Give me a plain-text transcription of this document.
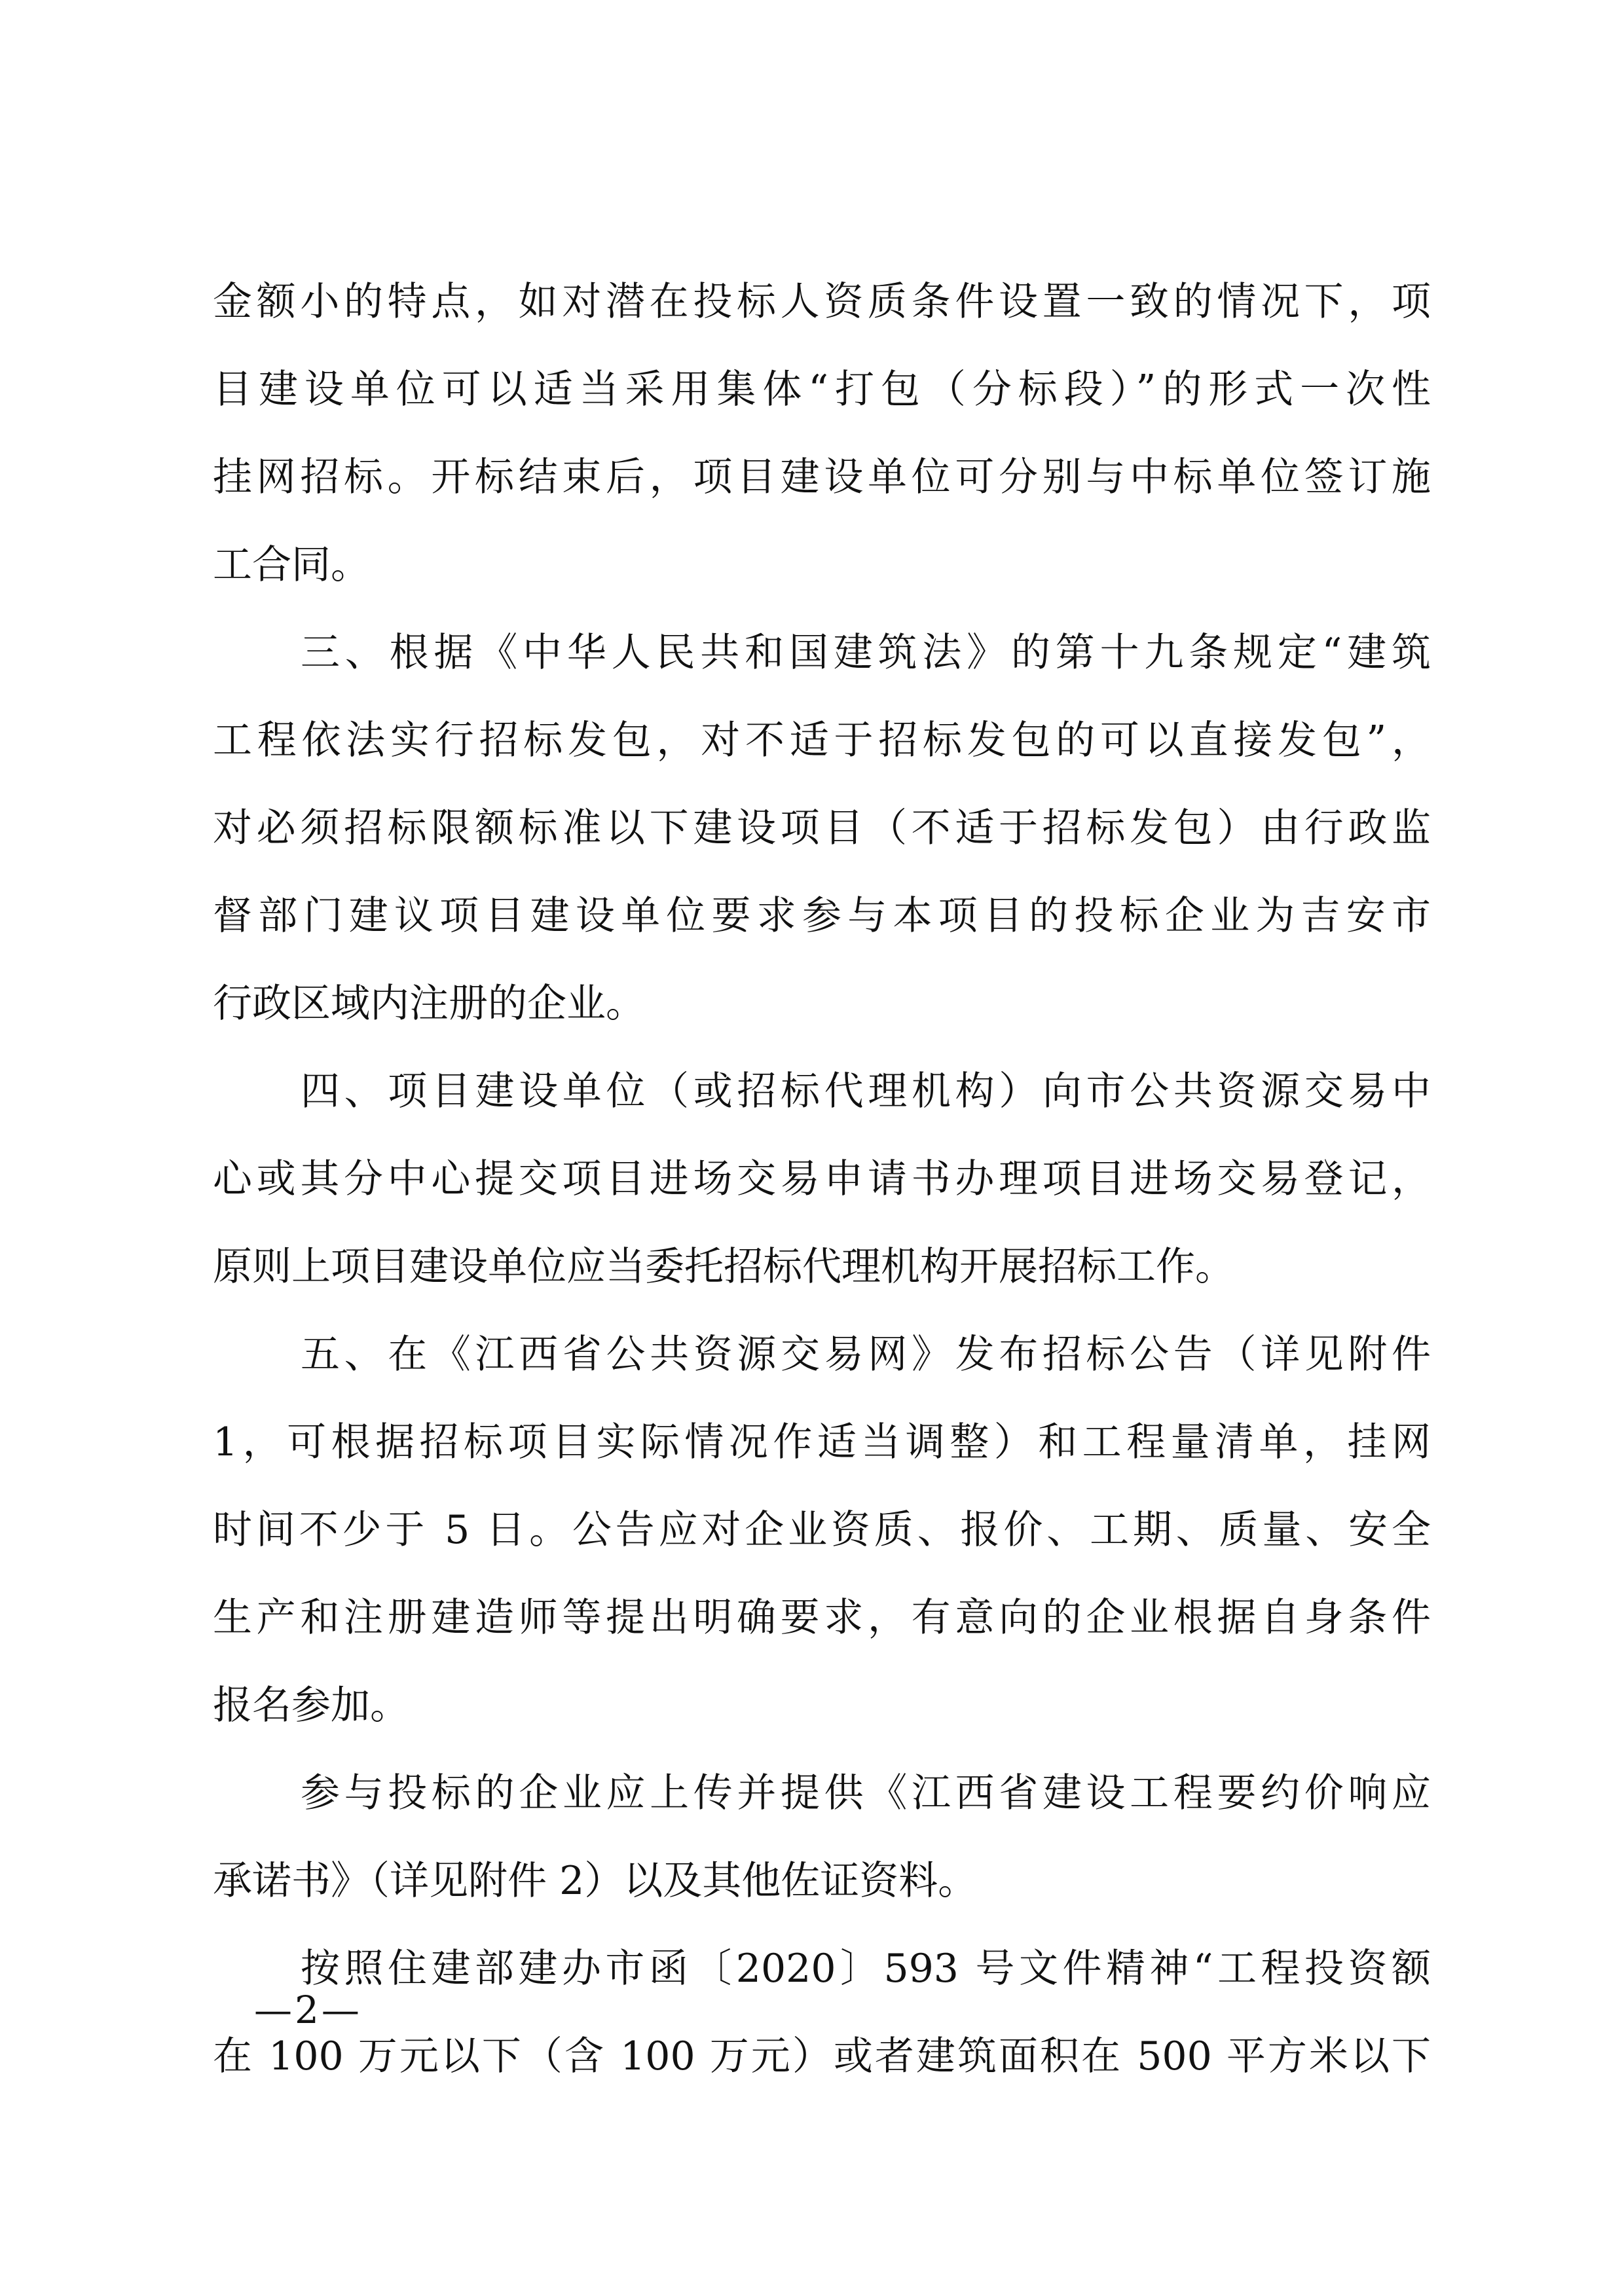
金额小的特点，如对潜在投标人资质条件设置一致的情况下，项
目建设单位可以适当采用集体“打包（分标段）”的形式一次性
挂网招标。开标结束后，项目建设单位可分别与中标单位签订施
工合同。
三、根据《中华人民共和国建筑法》的第十九条规定“建筑
工程依法实行招标发包，对不适于招标发包的可以直接发包”，
对必须招标限额标准以下建设项目（不适于招标发包）由行政监
督部门建议项目建设单位要求参与本项目的投标企业为吉安市
行政区域内注册的企业。
四、项目建设单位（或招标代理机构）向市公共资源交易中
心或其分中心提交项目进场交易申请书办理项目进场交易登记，
原则上项目建设单位应当委托招标代理机构开展招标工作。
五、在《江西省公共资源交易网》发布招标公告（详见附件
1，可根据招标项目实际情况作适当调整）和工程量清单，挂网
时间不少于 5 日。公告应对企业资质、报价、工期、质量、安全
生产和注册建造师等提出明确要求，有意向的企业根据自身条件
报名参加。
参与投标的企业应上传并提供《江西省建设工程要约价响应
承诺书》（详见附件 2）以及其他佐证资料。
按照住建部建办市函〔2020〕593 号文件精神“工程投资额
在 100 万元以下（含 100 万元）或者建筑面积在 500 平方米以下
—2—
